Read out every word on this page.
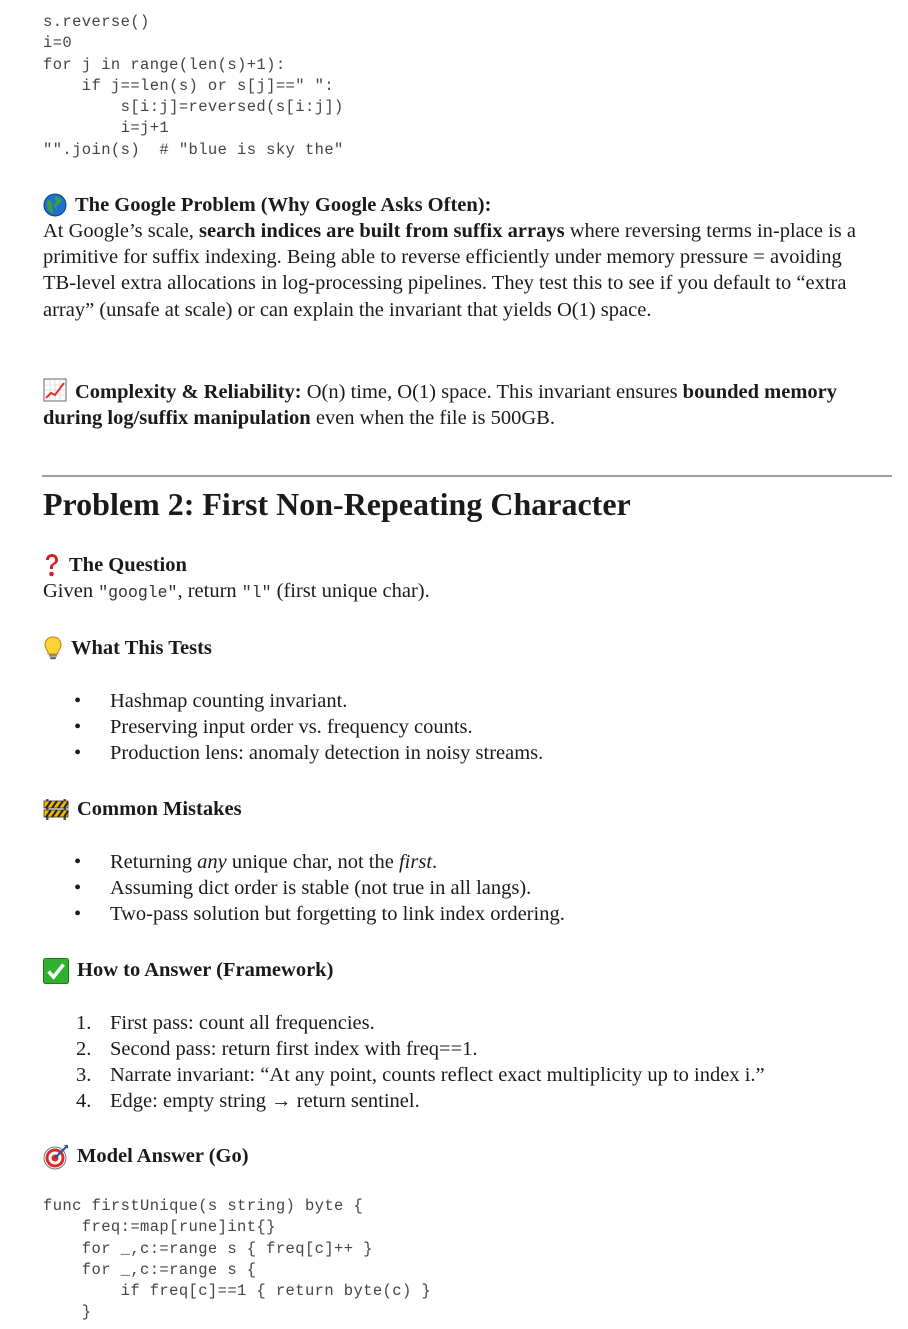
s.reverse()
i=0
for j in range(len(s)+1):
if j==len(s) or s[j]==" ":
s[i:j]=reversed(s[i:j])
i=j+1
"".join(s)  # "blue is sky the"

The Google Problem (Why Google Asks Often):

At Google’s scale, search indices are built from suffix arrays where reversing terms in-place is a primitive for suffix indexing. Being able to reverse efficiently under memory pressure = avoiding TB-level extra allocations in log-processing pipelines. They test this to see if you default to “extra array” (unsafe at scale) or can explain the invariant that yields O(1) space.

Complexity & Reliability: O(n) time, O(1) space. This invariant ensures bounded memory during log/suffix manipulation even when the file is 500GB.

Problem 2: First Non-Repeating Character

The Question

Given "google", return "l" (first unique char).

What This Tests

• Hashmap counting invariant.
• Preserving input order vs. frequency counts.
• Production lens: anomaly detection in noisy streams.

Common Mistakes

• Returning any unique char, not the first.
• Assuming dict order is stable (not true in all langs).
• Two-pass solution but forgetting to link index ordering.

How to Answer (Framework)

1. First pass: count all frequencies.
2. Second pass: return first index with freq==1.
3. Narrate invariant: “At any point, counts reflect exact multiplicity up to index i.”
4. Edge: empty string → return sentinel.

Model Answer (Go)

func firstUnique(s string) byte {
freq:=map[rune]int{}
for _,c:=range s { freq[c]++ }
for _,c:=range s {
if freq[c]==1 { return byte(c) }
}
